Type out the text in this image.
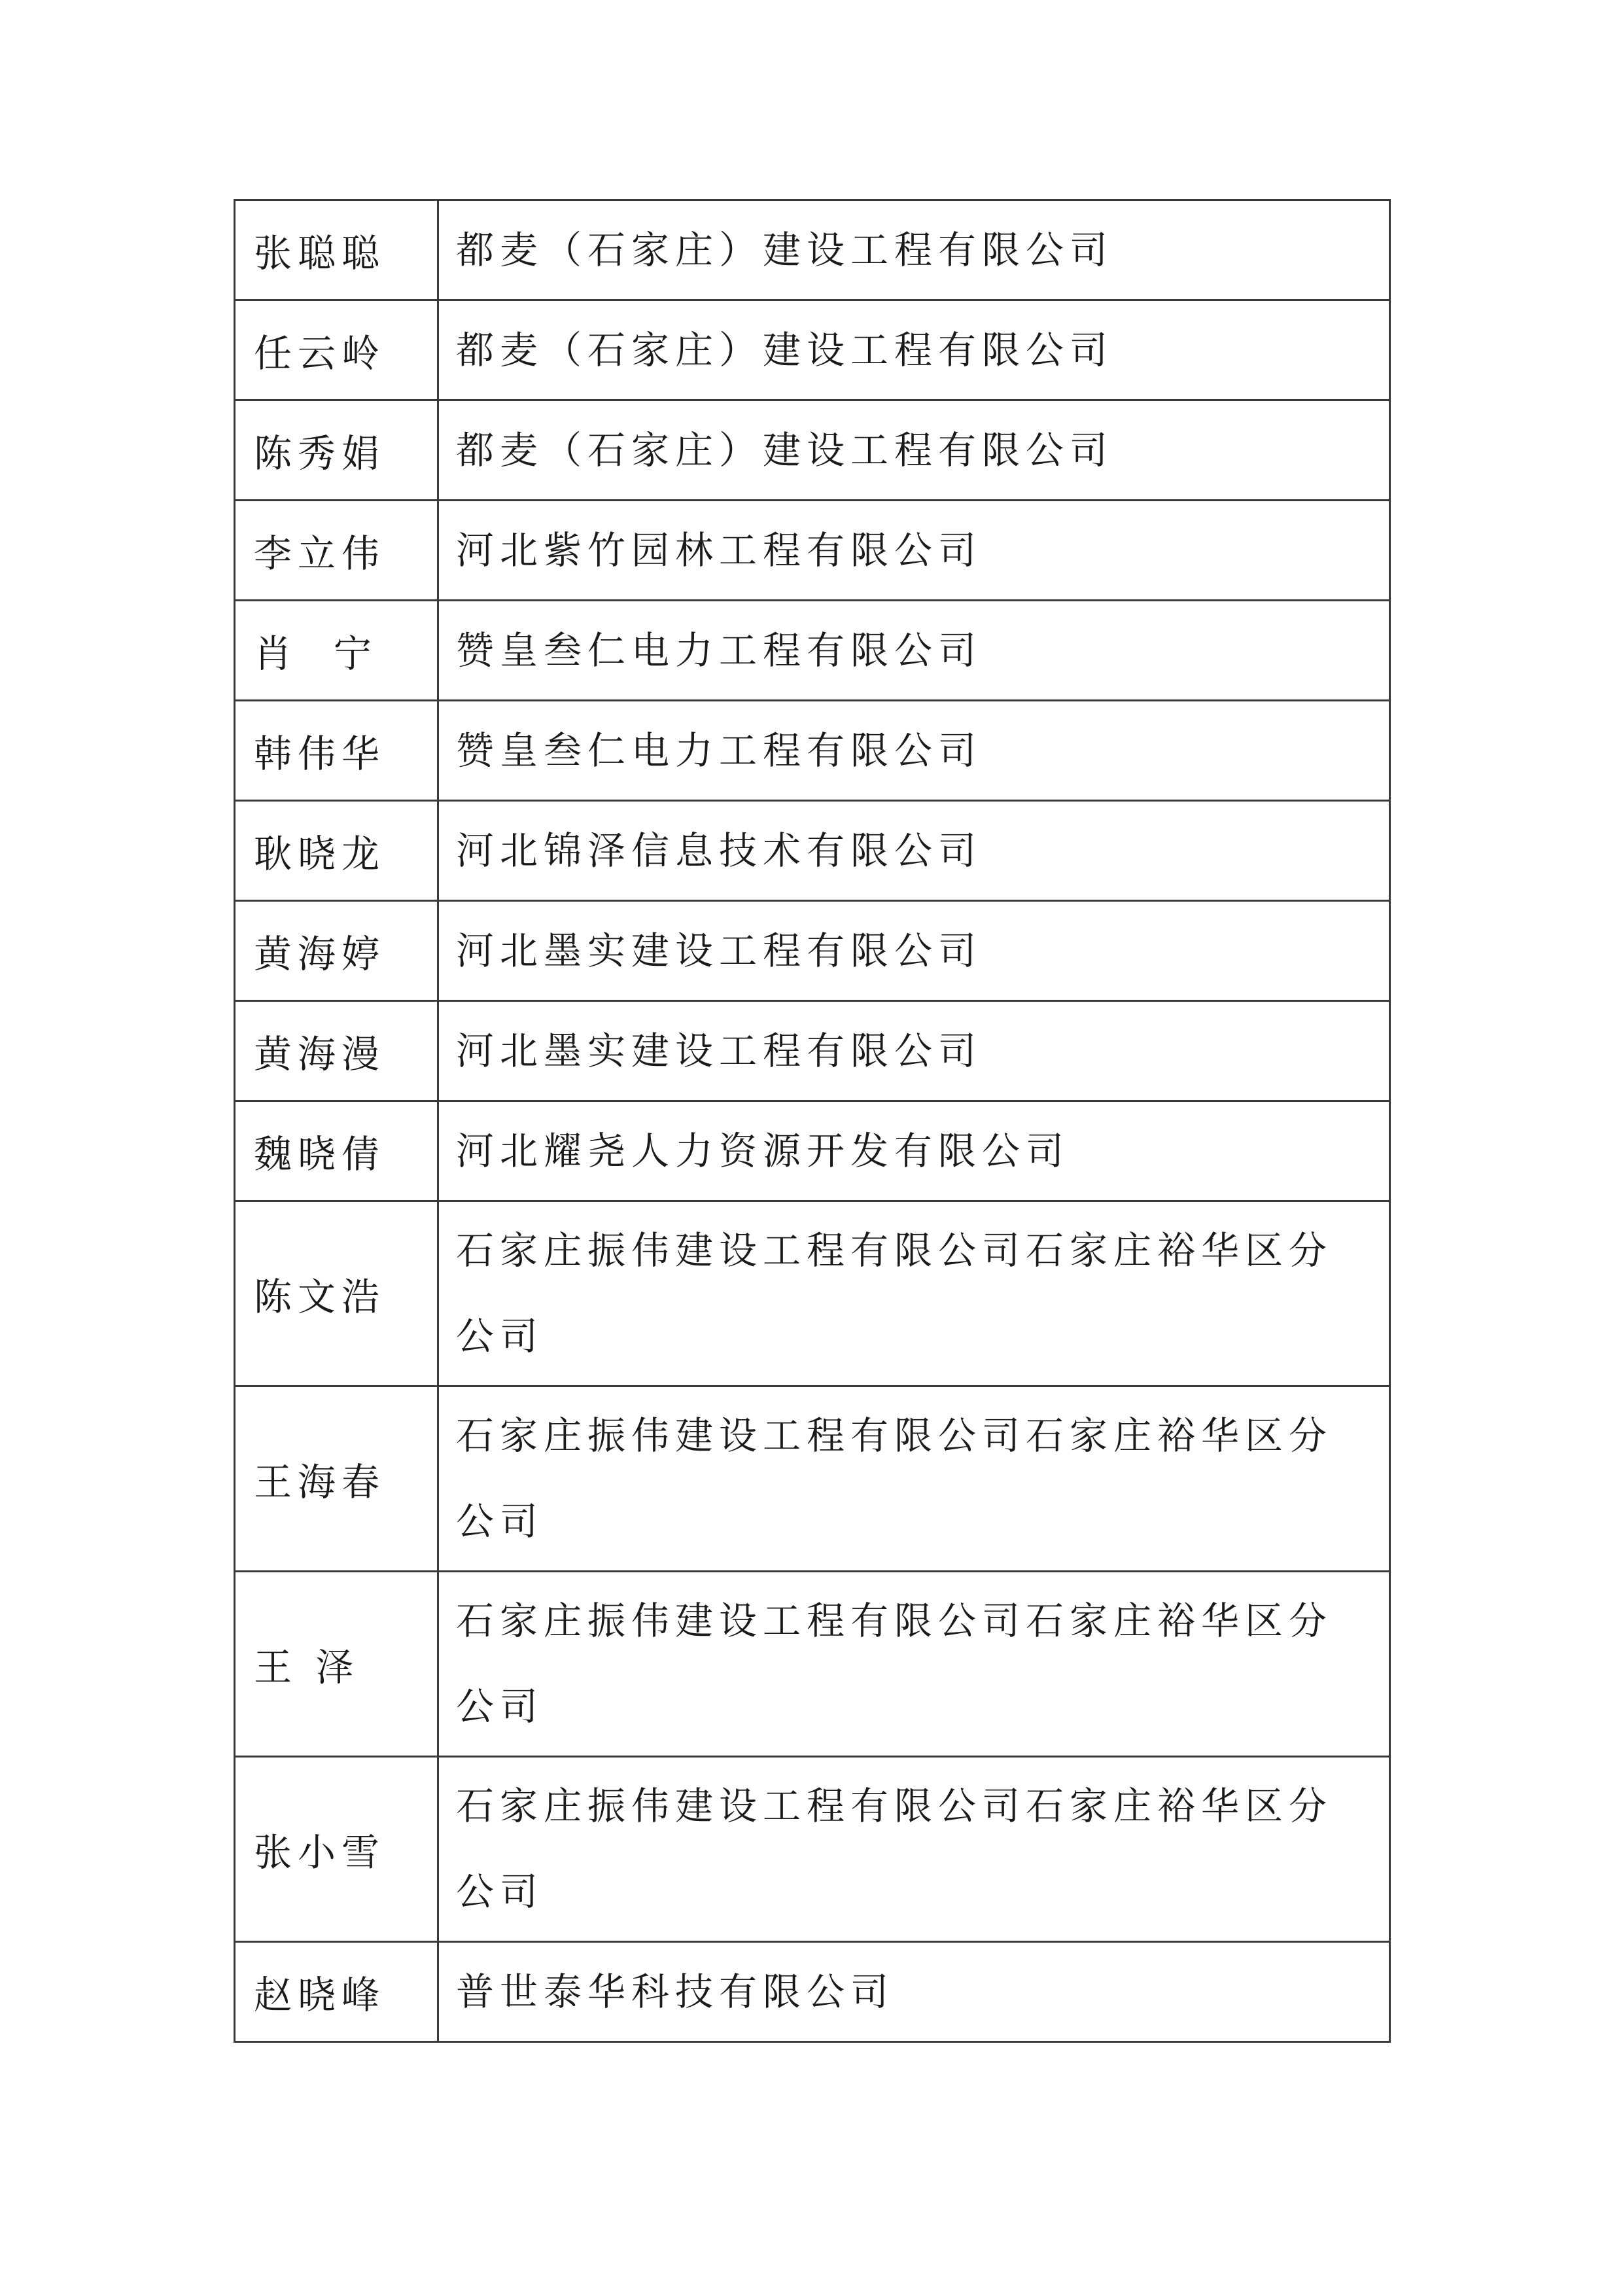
张聪聪	都麦（石家庄）建设工程有限公司
任云岭	都麦（石家庄）建设工程有限公司
陈秀娟	都麦（石家庄）建设工程有限公司
李立伟	河北紫竹园林工程有限公司
肖  宁	赞皇叁仁电力工程有限公司
韩伟华	赞皇叁仁电力工程有限公司
耿晓龙	河北锦泽信息技术有限公司
黄海婷	河北墨实建设工程有限公司
黄海漫	河北墨实建设工程有限公司
魏晓倩	河北耀尧人力资源开发有限公司
陈文浩	石家庄振伟建设工程有限公司石家庄裕华区分公司
王海春	石家庄振伟建设工程有限公司石家庄裕华区分公司
王 泽	石家庄振伟建设工程有限公司石家庄裕华区分公司
张小雪	石家庄振伟建设工程有限公司石家庄裕华区分公司
赵晓峰	普世泰华科技有限公司
